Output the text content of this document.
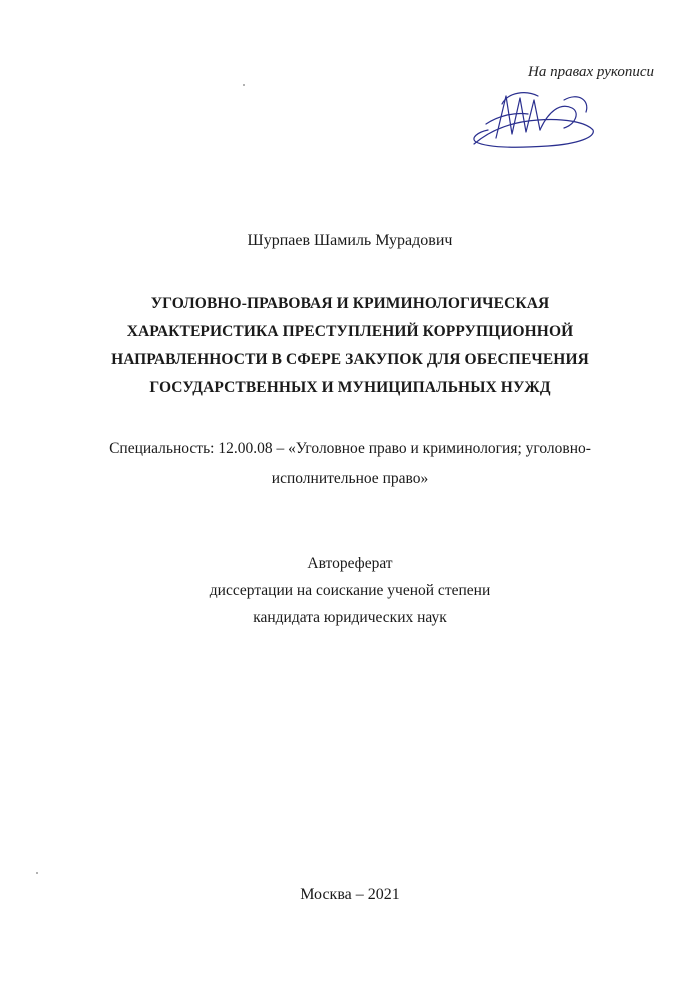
На правах рукописи
Шурпаев Шамиль Мурадович
УГОЛОВНО-ПРАВОВАЯ И КРИМИНОЛОГИЧЕСКАЯ
ХАРАКТЕРИСТИКА ПРЕСТУПЛЕНИЙ КОРРУПЦИОННОЙ
НАПРАВЛЕННОСТИ В СФЕРЕ ЗАКУПОК ДЛЯ ОБЕСПЕЧЕНИЯ
ГОСУДАРСТВЕННЫХ И МУНИЦИПАЛЬНЫХ НУЖД
Специальность: 12.00.08 – «Уголовное право и криминология; уголовно-
исполнительное право»
Автореферат
диссертации на соискание ученой степени
кандидата юридических наук
Москва – 2021
